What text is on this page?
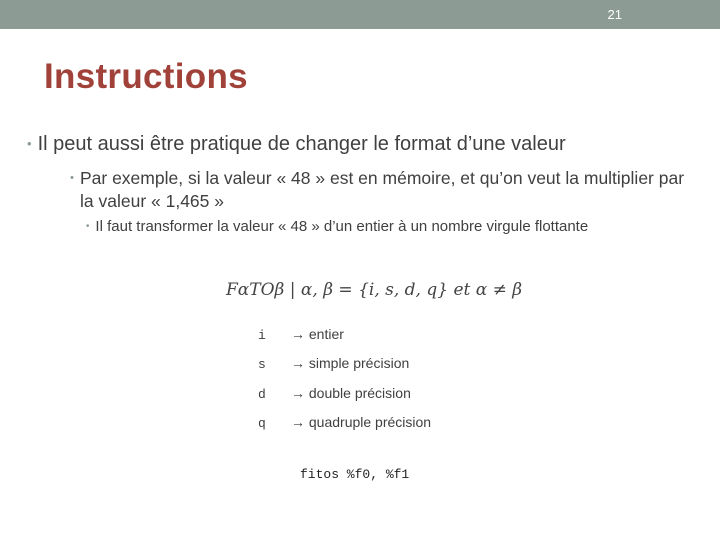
21
Instructions
• Il peut aussi être pratique de changer le format d’une valeur
• Par exemple, si la valeur « 48 » est en mémoire, et qu’on veut la multiplier par la valeur « 1,465 »
• Il faut transformer la valeur « 48 » d’un entier à un nombre virgule flottante
FαTOβ | α, β = {i, s, d, q} et α ≠ β
i → entier
s → simple précision
d → double précision
q → quadruple précision
fitos %f0, %f1
